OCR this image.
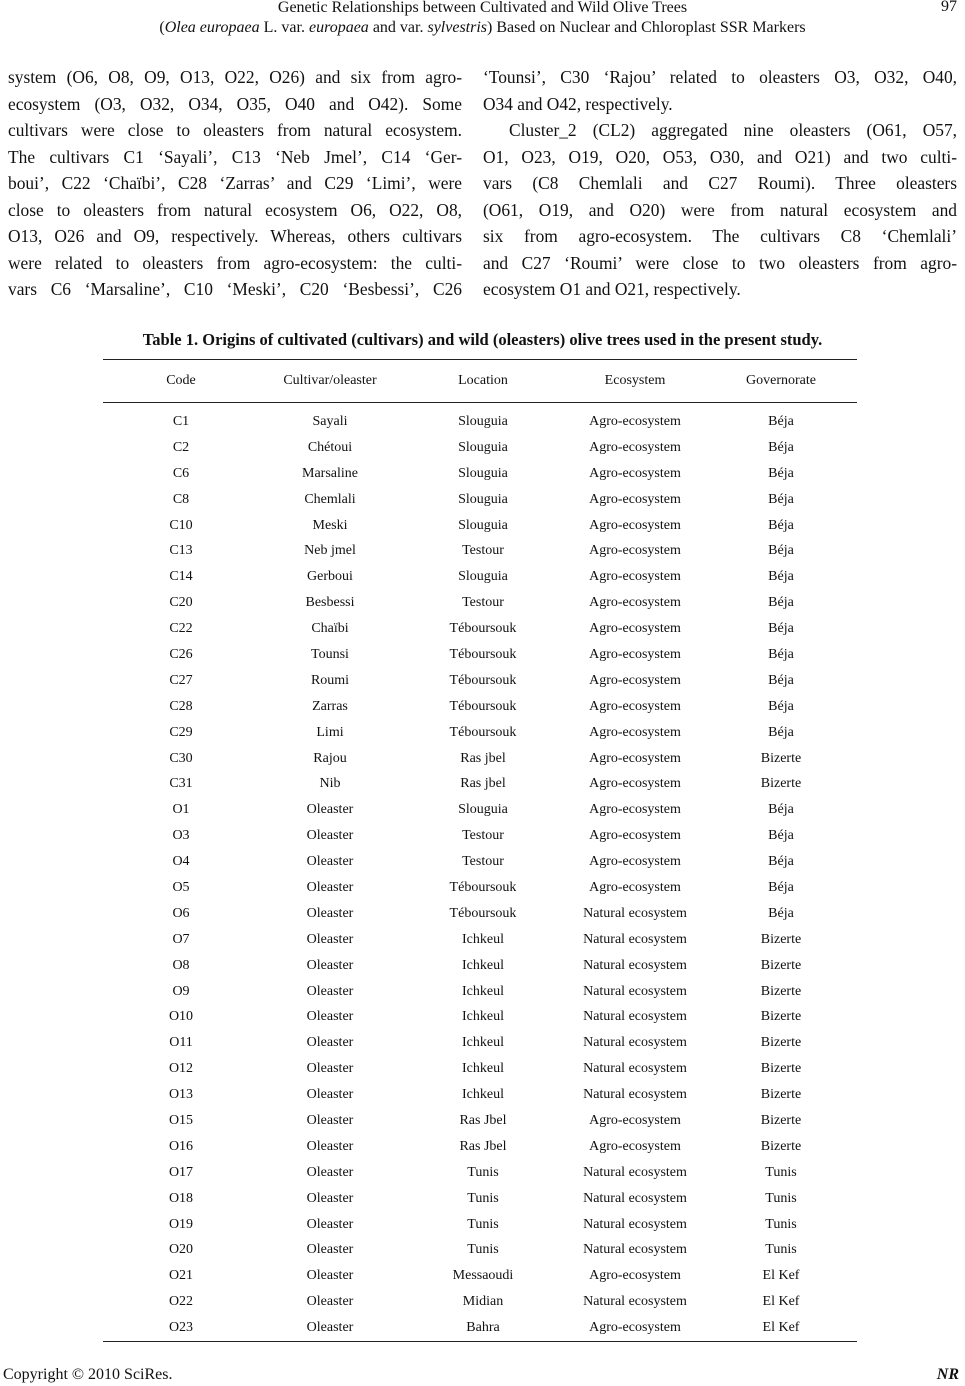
Genetic Relationships between Cultivated and Wild Olive Trees
(Olea europaea L. var. europaea and var. sylvestris) Based on Nuclear and Chloroplast SSR Markers
97
system (O6, O8, O9, O13, O22, O26) and six from agro-
ecosystem (O3, O32, O34, O35, O40 and O42). Some
cultivars were close to oleasters from natural ecosystem.
The cultivars C1 ‘Sayali’, C13 ‘Neb Jmel’, C14 ‘Ger-
boui’, C22 ‘Chaïbi’, C28 ‘Zarras’ and C29 ‘Limi’, were
close to oleasters from natural ecosystem O6, O22, O8,
O13, O26 and O9, respectively. Whereas, others cultivars
were related to oleasters from agro-ecosystem: the culti-
vars C6 ‘Marsaline’, C10 ‘Meski’, C20 ‘Besbessi’, C26
‘Tounsi’, C30 ‘Rajou’ related to oleasters O3, O32, O40,
O34 and O42, respectively.
Cluster_2 (CL2) aggregated nine oleasters (O61, O57,
O1, O23, O19, O20, O53, O30, and O21) and two culti-
vars (C8 Chemlali and C27 Roumi). Three oleasters
(O61, O19, and O20) were from natural ecosystem and
six from agro-ecosystem. The cultivars C8 ‘Chemlali’
and C27 ‘Roumi’ were close to two oleasters from agro-
ecosystem O1 and O21, respectively.
Table 1. Origins of cultivated (cultivars) and wild (oleasters) olive trees used in the present study.
Code	Cultivar/oleaster	Location	Ecosystem	Governorate
C1	Sayali	Slouguia	Agro-ecosystem	Béja
C2	Chétoui	Slouguia	Agro-ecosystem	Béja
C6	Marsaline	Slouguia	Agro-ecosystem	Béja
C8	Chemlali	Slouguia	Agro-ecosystem	Béja
C10	Meski	Slouguia	Agro-ecosystem	Béja
C13	Neb jmel	Testour	Agro-ecosystem	Béja
C14	Gerboui	Slouguia	Agro-ecosystem	Béja
C20	Besbessi	Testour	Agro-ecosystem	Béja
C22	Chaïbi	Téboursouk	Agro-ecosystem	Béja
C26	Tounsi	Téboursouk	Agro-ecosystem	Béja
C27	Roumi	Téboursouk	Agro-ecosystem	Béja
C28	Zarras	Téboursouk	Agro-ecosystem	Béja
C29	Limi	Téboursouk	Agro-ecosystem	Béja
C30	Rajou	Ras jbel	Agro-ecosystem	Bizerte
C31	Nib	Ras jbel	Agro-ecosystem	Bizerte
O1	Oleaster	Slouguia	Agro-ecosystem	Béja
O3	Oleaster	Testour	Agro-ecosystem	Béja
O4	Oleaster	Testour	Agro-ecosystem	Béja
O5	Oleaster	Téboursouk	Agro-ecosystem	Béja
O6	Oleaster	Téboursouk	Natural ecosystem	Béja
O7	Oleaster	Ichkeul	Natural ecosystem	Bizerte
O8	Oleaster	Ichkeul	Natural ecosystem	Bizerte
O9	Oleaster	Ichkeul	Natural ecosystem	Bizerte
O10	Oleaster	Ichkeul	Natural ecosystem	Bizerte
O11	Oleaster	Ichkeul	Natural ecosystem	Bizerte
O12	Oleaster	Ichkeul	Natural ecosystem	Bizerte
O13	Oleaster	Ichkeul	Natural ecosystem	Bizerte
O15	Oleaster	Ras Jbel	Agro-ecosystem	Bizerte
O16	Oleaster	Ras Jbel	Agro-ecosystem	Bizerte
O17	Oleaster	Tunis	Natural ecosystem	Tunis
O18	Oleaster	Tunis	Natural ecosystem	Tunis
O19	Oleaster	Tunis	Natural ecosystem	Tunis
O20	Oleaster	Tunis	Natural ecosystem	Tunis
O21	Oleaster	Messaoudi	Agro-ecosystem	El Kef
O22	Oleaster	Midian	Natural ecosystem	El Kef
O23	Oleaster	Bahra	Agro-ecosystem	El Kef
Copyright © 2010 SciRes.	NR
